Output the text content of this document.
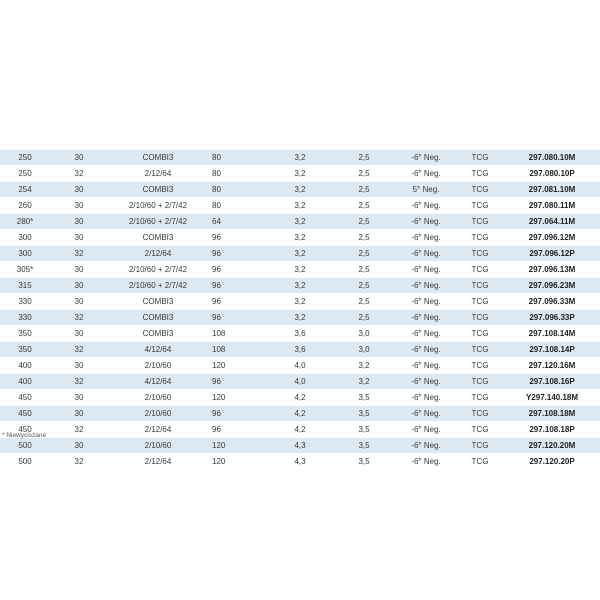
250	30	COMBI3	80	3,2	2,5	-6° Neg.	TCG	297.080.10M
250	32	2/12/64	80	3,2	2,5	-6° Neg.	TCG	297.080.10P
254	30	COMBI3	80	3,2	2,5	5° Neg.	TCG	297.081.10M
260	30	2/10/60 + 2/7/42	80	3,2	2,5	-6° Neg.	TCG	297.080.11M
280*	30	2/10/60 + 2/7/42	64	3,2	2,5	-6° Neg.	TCG	297.064.11M
300	30	COMBI3	96	3,2	2,5	-6° Neg.	TCG	297.096.12M
300	32	2/12/64	96	3,2	2,5	-6° Neg.	TCG	297.096.12P
305*	30	2/10/60 + 2/7/42	96	3,2	2,5	-6° Neg.	TCG	297.096.13M
315	30	2/10/60 + 2/7/42	96	3,2	2,5	-6° Neg.	TCG	297.096.23M
330	30	COMBI3	96	3,2	2,5	-6° Neg.	TCG	297.096.33M
330	32	COMBI3	96	3,2	2,5	-6° Neg.	TCG	297.096.33P
350	30	COMBI3	108	3,6	3,0	-6° Neg.	TCG	297.108.14M
350	32	4/12/64	108	3,6	3,0	-6° Neg.	TCG	297.108.14P
400	30	2/10/60	120	4,0	3,2	-6° Neg.	TCG	297.120.16M
400	32	4/12/64	96	4,0	3,2	-6° Neg.	TCG	297.108.16P
450	30	2/10/60	120	4,2	3,5	-6° Neg.	TCG	Y297.140.18M
450	30	2/10/60	96	4,2	3,5	-6° Neg.	TCG	297.108.18M
450	32	2/12/64	96	4,2	3,5	-6° Neg.	TCG	297.108.18P
500	30	2/10/60	120	4,3	3,5	-6° Neg.	TCG	297.120.20M
500	32	2/12/64	120	4,3	3,5	-6° Neg.	TCG	297.120.20P
* Niewyciszane
